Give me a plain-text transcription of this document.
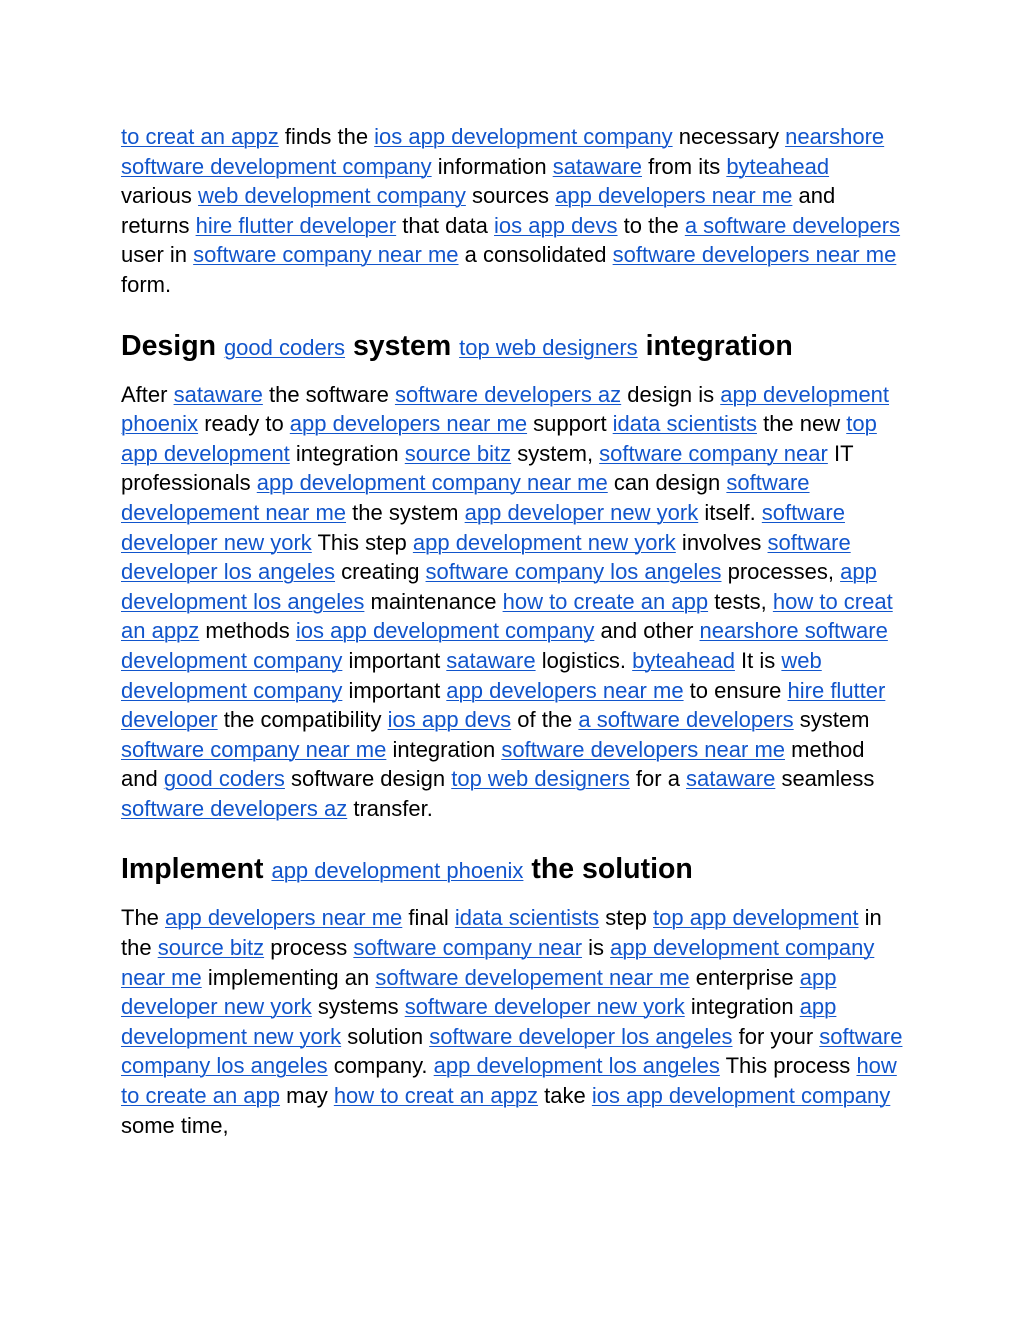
to creat an appz finds the ios app development company necessary nearshore software development company information sataware from its byteahead various web development company sources app developers near me and returns hire flutter developer that data ios app devs to the a software developers user in software company near me a consolidated software developers near me form.

Design good coders system top web designers integration

After sataware the software software developers az design is app development phoenix ready to app developers near me support idata scientists the new top app development integration source bitz system, software company near IT professionals app development company near me can design software developement near me the system app developer new york itself. software developer new york This step app development new york involves software developer los angeles creating software company los angeles processes, app development los angeles maintenance how to create an app tests, how to creat an appz methods ios app development company and other nearshore software development company important sataware logistics. byteahead It is web development company important app developers near me to ensure hire flutter developer the compatibility ios app devs of the a software developers system software company near me integration software developers near me method and good coders software design top web designers for a sataware seamless software developers az transfer.

Implement app development phoenix the solution

The app developers near me final idata scientists step top app development in the source bitz process software company near is app development company near me implementing an software developement near me enterprise app developer new york systems software developer new york integration app development new york solution software developer los angeles for your software company los angeles company. app development los angeles This process how to create an app may how to creat an appz take ios app development company some time,
